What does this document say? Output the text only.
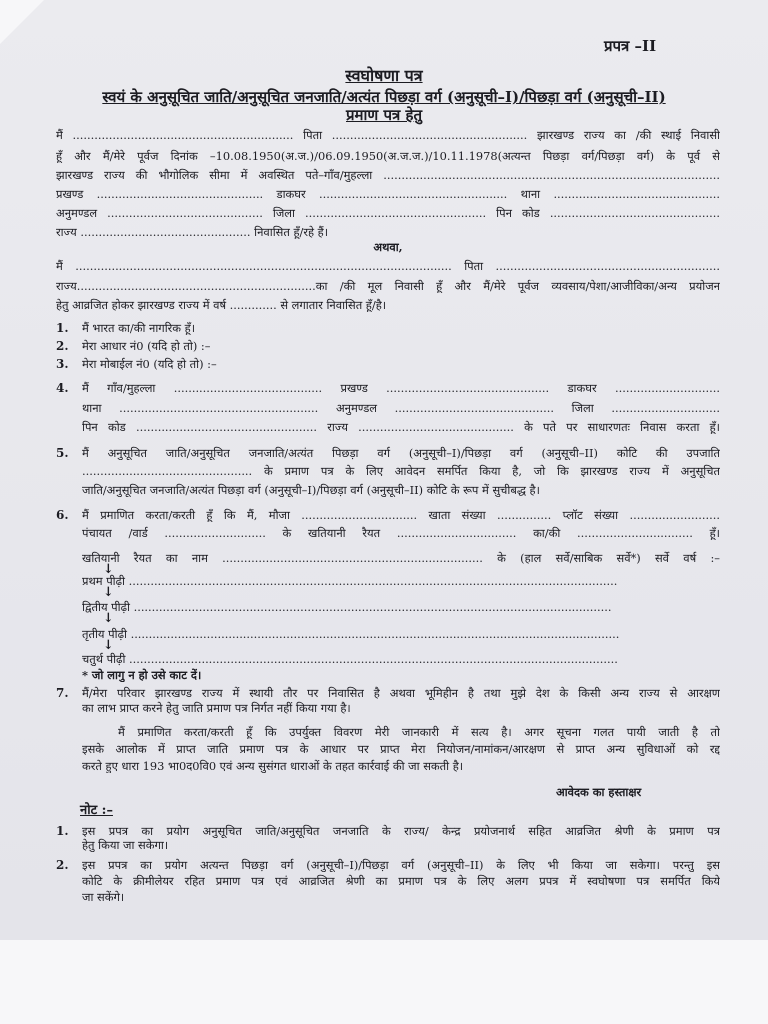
प्रपत्र –II
स्वघोषणा पत्र
स्वयं के अनुसूचित जाति/अनुसूचित जनजाति/अत्यंत पिछड़ा वर्ग (अनुसूची–I)/पिछड़ा वर्ग (अनुसूची–II)
प्रमाण पत्र हेतु
मैं ............................................................. पिता ...................................................... झारखण्ड राज्य का /की स्थाई निवासी
हूँ और मैं/मेरे पूर्वज दिनांक –10.08.1950(अ.ज.)/06.09.1950(अ.ज.ज.)/10.11.1978(अत्यन्त पिछड़ा वर्ग/पिछड़ा वर्ग) के पूर्व से
झारखण्ड राज्य की भौगोलिक सीमा में अवस्थित पते–गाँव/मुहल्ला .............................................................................................
प्रखण्ड .............................................. डाकघर .................................................... थाना ..............................................
अनुमण्डल ........................................... जिला .................................................. पिन कोड ...............................................
राज्य ............................................... निवासित हूँ/रहे हैं।
अथवा,
मैं ........................................................................................................ पिता ..............................................................
राज्य..................................................................का /की मूल निवासी हूँ और मैं/मेरे पूर्वज व्यवसाय/पेशा/आजीविका/अन्य प्रयोजन
हेतु आव्रजित होकर झारखण्ड राज्य में वर्ष ............. से लगातार निवासित हूँ/है।
1.	मैं भारत का/की नागरिक हूँ।
2.	मेरा आधार नं0 (यदि हो तो) :–
3.	मेरा मोबाईल नं0 (यदि हो तो) :–
4.	मैं गाँव/मुहल्ला ......................................... प्रखण्ड ............................................. डाकघर .............................
थाना ....................................................... अनुमण्डल ............................................ जिला ..............................
पिन कोड .................................................. राज्य ........................................... के पते पर साधारणतः निवास करता हूँ।
5.	मैं अनुसूचित जाति/अनुसूचित जनजाति/अत्यंत पिछड़ा वर्ग (अनुसूची–I)/पिछड़ा वर्ग (अनुसूची–II) कोटि की उपजाति
............................................... के प्रमाण पत्र के लिए आवेदन समर्पित किया है, जो कि झारखण्ड राज्य में अनुसूचित
जाति/अनुसूचित जनजाति/अत्यंत पिछड़ा वर्ग (अनुसूची–I)/पिछड़ा वर्ग (अनुसूची–II) कोटि के रूप में सुचीबद्ध है।
6.	मैं प्रमाणित करता/करती हूँ कि मैं, मौजा ................................ खाता संख्या ............... प्लॉट संख्या .........................
पंचायत /वार्ड ............................ के खतियानी रैयत ................................. का/की ................................ हूँ।
खतियानी रैयत का नाम ........................................................................ के (हाल सर्वे/साबिक सर्वे*) सर्वे वर्ष :–
↓
प्रथम पीढ़ी .......................................................................................................................................
↓
द्वितीय पीढ़ी ....................................................................................................................................
↓
तृतीय पीढ़ी .......................................................................................................................................
↓
चतुर्थ पीढ़ी .......................................................................................................................................
* जो लागु न हो उसे काट दें।
7.	मैं/मेरा परिवार झारखण्ड राज्य में स्थायी तौर पर निवासित है अथवा भूमिहीन है तथा मुझे देश के किसी अन्य राज्य से आरक्षण
का लाभ प्राप्त करने हेतु जाति प्रमाण पत्र निर्गत नहीं किया गया है।
मैं प्रमाणित करता/करती हूँ कि उपर्युक्त विवरण मेरी जानकारी में सत्य है। अगर सूचना गलत पायी जाती है तो
इसके आलोक में प्राप्त जाति प्रमाण पत्र के आधार पर प्राप्त मेरा नियोजन/नामांकन/आरक्षण से प्राप्त अन्य सुविधाओं को रद्द
करते हुए धारा 193 भा0द0वि0 एवं अन्य सुसंगत धाराओं के तहत कार्रवाई की जा सकती है।
आवेदक का हस्ताक्षर
नोट :–
1.	इस प्रपत्र का प्रयोग अनुसूचित जाति/अनुसूचित जनजाति के राज्य/ केन्द्र प्रयोजनार्थ सहित आव्रजित श्रेणी के प्रमाण पत्र
हेतु किया जा सकेगा।
2.	इस प्रपत्र का प्रयोग अत्यन्त पिछड़ा वर्ग (अनुसूची–I)/पिछड़ा वर्ग (अनुसूची–II) के लिए भी किया जा सकेगा। परन्तु इस
कोटि के क्रीमीलेयर रहित प्रमाण पत्र एवं आव्रजित श्रेणी का प्रमाण पत्र के लिए अलग प्रपत्र में स्वघोषणा पत्र समर्पित किये
जा सकेंगे।
